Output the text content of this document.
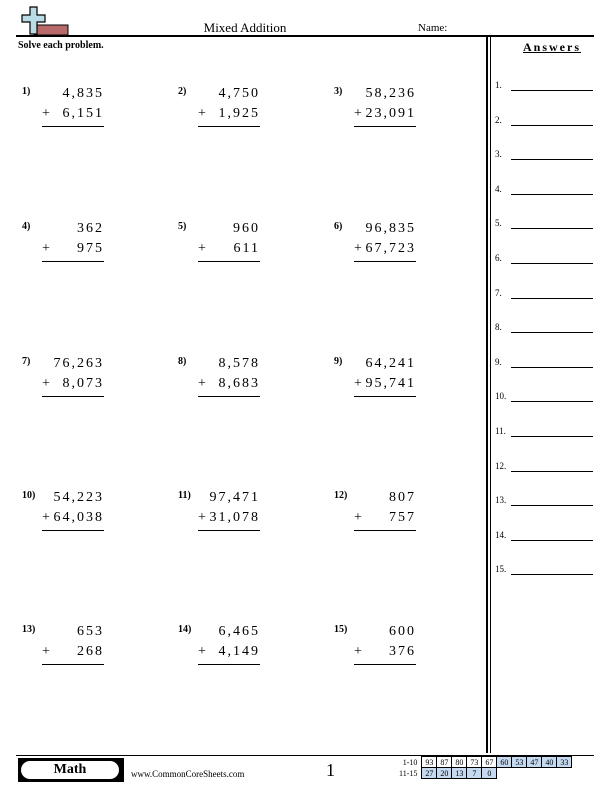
Mixed Addition	Name:
Solve each problem.	Answers
1.
2.
3.
4.
5.
6.
7.
8.
9.
10.
11.
12.
13.
14.
15.
1) 4,835
+ 6,151
2) 4,750
+ 1,925
3) 58,236
+ 23,091
4)	362
+ 975
5)	960
+ 611
6) 96,835
+ 67,723
7) 76,263
+ 8,073
8) 8,578
+ 8,683
9) 64,241
+ 95,741
10) 54,223
+ 64,038
11) 97,471
+ 31,078
12)	807
+ 757
13)	653
+ 268
14) 6,465
+ 4,149
15)	600
+ 376
Math	www.CommonCoreSheets.com	1	1-10	93	87	80	73	67	60	53	47	40	33
11-15	27	20	13	7	0					
